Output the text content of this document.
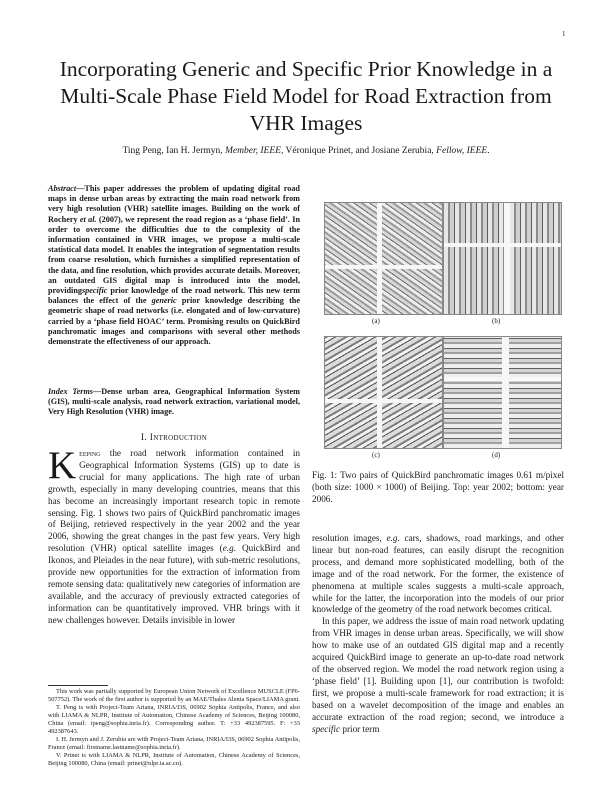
1
Incorporating Generic and Specific Prior Knowledge in a Multi-Scale Phase Field Model for Road Extraction from VHR Images
Ting Peng, Ian H. Jermyn, Member, IEEE, Véronique Prinet, and Josiane Zerubia, Fellow, IEEE.
Abstract—This paper addresses the problem of updating digital road maps in dense urban areas by extracting the main road network from very high resolution (VHR) satellite images. Building on the work of Rochery et al. (2007), we represent the road region as a ‘phase field’. In order to overcome the difficulties due to the complexity of the information contained in VHR images, we propose a multi-scale statistical data model. It enables the integration of segmentation results from coarse resolution, which furnishes a simplified representation of the data, and fine resolution, which provides accurate details. Moreover, an outdated GIS digital map is introduced into the model, providingspecific prior knowledge of the road network. This new term balances the effect of the generic prior knowledge describing the geometric shape of road networks (i.e. elongated and of low-curvature) carried by a ‘phase field HOAC’ term. Promising results on QuickBird panchromatic images and comparisons with several other methods demonstrate the effectiveness of our approach.
Index Terms—Dense urban area, Geographical Information System (GIS), multi-scale analysis, road network extraction, variational model, Very High Resolution (VHR) image.
I. Introduction
Keeping the road network information contained in Geographical Information Systems (GIS) up to date is crucial for many applications. The high rate of urban growth, especially in many developing countries, means that this has become an increasingly important research topic in remote sensing. Fig. 1 shows two pairs of QuickBird panchromatic images of Beijing, retrieved respectively in the year 2002 and the year 2006, showing the great changes in the past few years. Very high resolution (VHR) optical satellite images (e.g. QuickBird and Ikonos, and Pleiades in the near future), with sub-metric resolutions, provide new opportunities for the extraction of information from remote sensing data: qualitatively new categories of information are available, and the accuracy of previously extracted categories of information can be quantitatively improved. VHR brings with it new challenges however. Details invisible in lower

This work was partially supported by European Union Network of Excellence MUSCLE (FP6-507752). The work of the first author is supported by an MAE/Thales Alenia Space/LIAMA grant.

T. Peng is with Project-Team Ariana, INRIA/I3S, 06902 Sophia Antipolis, France, and also with LIAMA & NLPR, Institute of Automation, Chinese Academy of Sciences, Beijing 100080, China (email: tpeng@sophia.inria.fr). Corresponding author. T: +33 492387595. F: +33 492387643.

I. H. Jermyn and J. Zerubia are with Project-Team Ariana, INRIA/I3S, 06902 Sophia Antipolis, France (email: firstname.lastname@sophia.inria.fr).

V. Prinet is with LIAMA & NLPR, Institute of Automation, Chinese Academy of Sciences, Beijing 100080, China (email: prinet@nlpr.ia.ac.cn).

(a)	(b)
(c)	(d)
Fig. 1: Two pairs of QuickBird panchromatic images 0.61 m/pixel (both size: 1000 × 1000) of Beijing. Top: year 2002; bottom: year 2006.

resolution images, e.g. cars, shadows, road markings, and other linear but non-road features, can easily disrupt the recognition process, and demand more sophisticated modelling, both of the image and of the road network. For the former, the existence of phenomena at multiple scales suggests a multi-scale approach, while for the latter, the incorporation into the models of our prior knowledge of the geometry of the road network becomes critical.

In this paper, we address the issue of main road network updating from VHR images in dense urban areas. Specifically, we will show how to make use of an outdated GIS digital map and a recently acquired QuickBird image to generate an up-to-date road network of the observed region. We model the road network region using a ‘phase field’ [1]. Building upon [1], our contribution is twofold: first, we propose a multi-scale framework for road extraction; it is based on a wavelet decomposition of the image and enables an accurate extraction of the road region; second, we introduce a specific prior term
